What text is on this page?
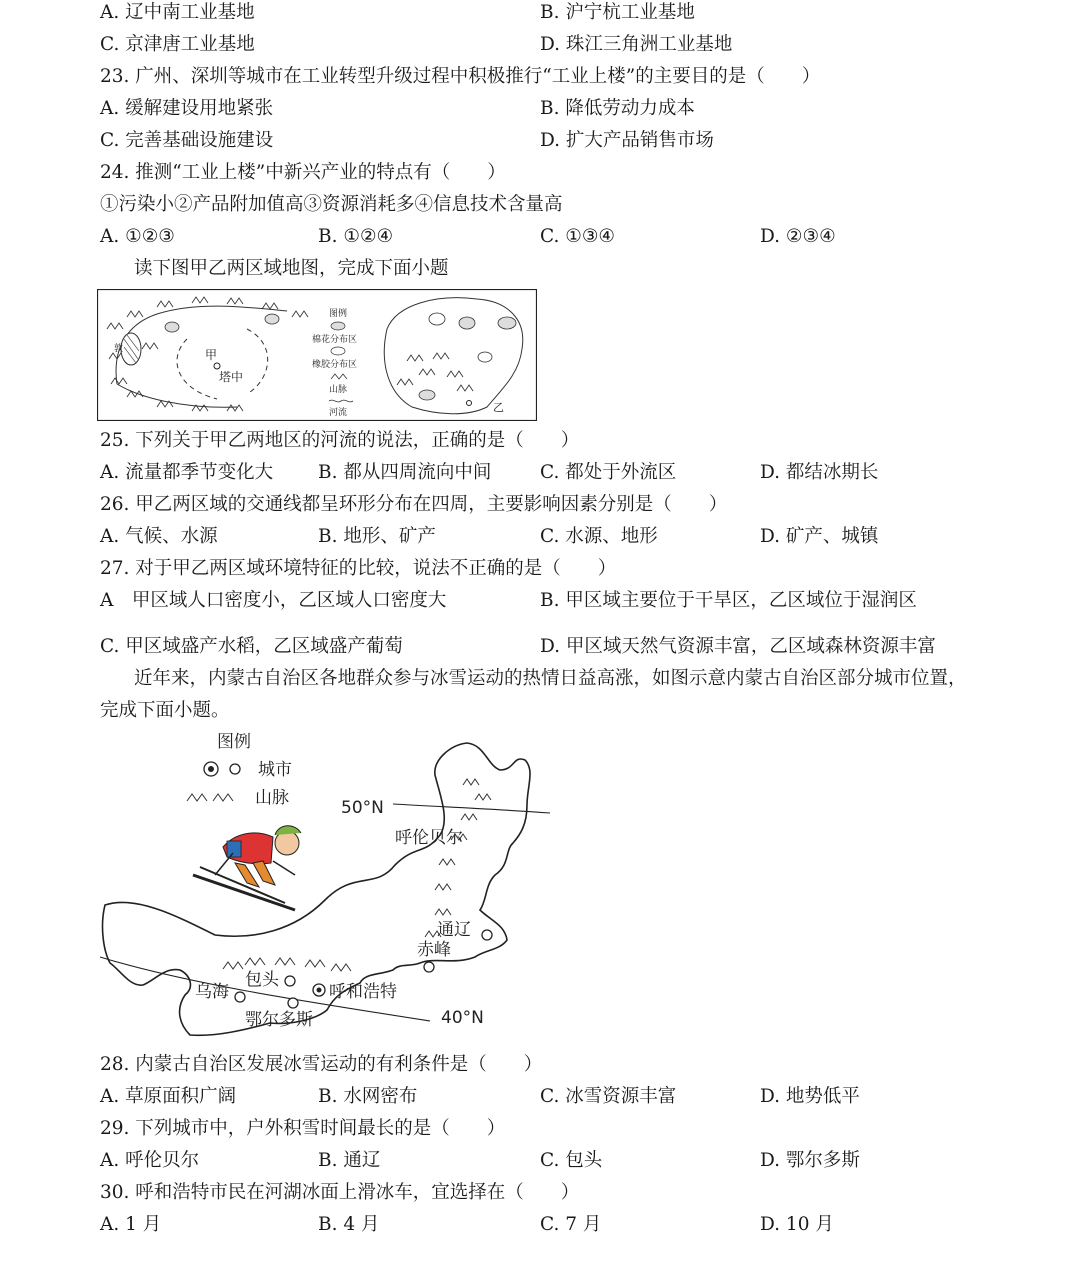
A. 辽中南工业基地	B. 沪宁杭工业基地
C. 京津唐工业基地	D. 珠江三角洲工业基地
23. 广州、深圳等城市在工业转型升级过程中积极推行“工业上楼”的主要目的是（　　）
A. 缓解建设用地紧张	B. 降低劳动力成本
C. 完善基础设施建设	D. 扩大产品销售市场
24. 推测“工业上楼”中新兴产业的特点有（　　）
①污染小②产品附加值高③资源消耗多④信息技术含量高
A. ①②③	B. ①②④	C. ①③④	D. ②③④
读下图甲乙两区域地图，完成下面小题
甲
塔中
图例
棉花分布区
橡胶分布区
山脉
河流	乙
敦
25. 下列关于甲乙两地区的河流的说法，正确的是（　　）
A. 流量都季节变化大 B. 都从四周流向中间	C. 都处于外流区	D. 都结冰期长
26. 甲乙两区域的交通线都呈环形分布在四周，主要影响因素分别是（　　）
A. 气候、水源	B. 地形、矿产	C. 水源、地形	D. 矿产、城镇
27. 对于甲乙两区域环境特征的比较，说法不正确的是（　　）
A　甲区域人口密度小，乙区域人口密度大	B. 甲区域主要位于干旱区，乙区域位于湿润区
C. 甲区域盛产水稻，乙区域盛产葡萄	D. 甲区域天然气资源丰富，乙区域森林资源丰富
近年来，内蒙古自治区各地群众参与冰雪运动的热情日益高涨，如图示意内蒙古自治区部分城市位置，
完成下面小题。
50°N
40°N
呼伦贝尔
通辽
赤峰
包头
乌海	呼和浩特
鄂尔多斯
图例
城市
山脉
28. 内蒙古自治区发展冰雪运动的有利条件是（　　）
A. 草原面积广阔	B. 水网密布	C. 冰雪资源丰富	D. 地势低平
29. 下列城市中，户外积雪时间最长的是（　　）
A. 呼伦贝尔	B. 通辽	C. 包头	D. 鄂尔多斯
30. 呼和浩特市民在河湖冰面上滑冰车，宜选择在（　　）
A. 1 月	B. 4 月	C. 7 月	D. 10 月
